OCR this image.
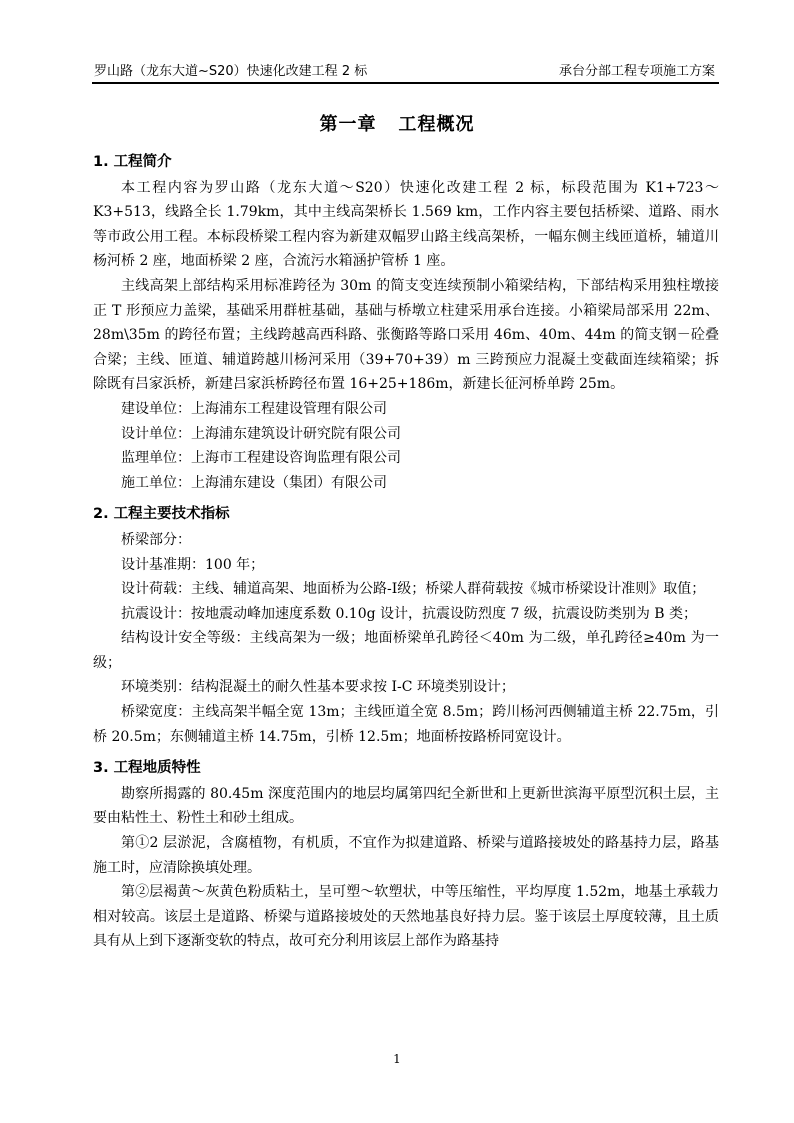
罗山路（龙东大道~S20）快速化改建工程 2 标	承台分部工程专项施工方案
第一章 工程概况
1. 工程简介

本工程内容为罗山路（龙东大道～S20）快速化改建工程 2 标，标段范围为 K1+723～K3+513，线路全长 1.79km，其中主线高架桥长 1.569 km，工作内容主要包括桥梁、道路、雨水等市政公用工程。本标段桥梁工程内容为新建双幅罗山路主线高架桥，一幅东侧主线匝道桥，辅道川杨河桥 2 座，地面桥梁 2 座，合流污水箱涵护管桥 1 座。

主线高架上部结构采用标准跨径为 30m 的简支变连续预制小箱梁结构，下部结构采用独柱墩接正 T 形预应力盖梁，基础采用群桩基础，基础与桥墩立柱建采用承台连接。小箱梁局部采用 22m、28m\35m 的跨径布置；主线跨越高西科路、张衡路等路口采用 46m、40m、44m 的简支钢－砼叠合梁；主线、匝道、辅道跨越川杨河采用（39+70+39）m 三跨预应力混凝土变截面连续箱梁；拆除既有吕家浜桥，新建吕家浜桥跨径布置 16+25+186m，新建长征河桥单跨 25m。

建设单位：上海浦东工程建设管理有限公司

设计单位：上海浦东建筑设计研究院有限公司

监理单位：上海市工程建设咨询监理有限公司

施工单位：上海浦东建设（集团）有限公司

2. 工程主要技术指标

桥梁部分：

设计基准期：100 年；

设计荷载：主线、辅道高架、地面桥为公路-I级；桥梁人群荷载按《城市桥梁设计准则》取值；

抗震设计：按地震动峰加速度系数 0.10g 设计，抗震设防烈度 7 级，抗震设防类别为 B 类；

结构设计安全等级：主线高架为一级；地面桥梁单孔跨径＜40m 为二级，单孔跨径≥40m 为一级；

环境类别：结构混凝土的耐久性基本要求按 I-C 环境类别设计；

桥梁宽度：主线高架半幅全宽 13m；主线匝道全宽 8.5m；跨川杨河西侧辅道主桥 22.75m，引桥 20.5m；东侧辅道主桥 14.75m，引桥 12.5m；地面桥按路桥同宽设计。

3. 工程地质特性

勘察所揭露的 80.45m 深度范围内的地层均属第四纪全新世和上更新世滨海平原型沉积土层，主要由粘性土、粉性土和砂土组成。

第①2 层淤泥，含腐植物，有机质，不宜作为拟建道路、桥梁与道路接坡处的路基持力层，路基施工时，应清除换填处理。

第②层褐黄～灰黄色粉质粘土，呈可塑～软塑状，中等压缩性，平均厚度 1.52m，地基土承载力相对较高。该层土是道路、桥梁与道路接坡处的天然地基良好持力层。鉴于该层土厚度较薄，且土质具有从上到下逐渐变软的特点，故可充分利用该层上部作为路基持

1
